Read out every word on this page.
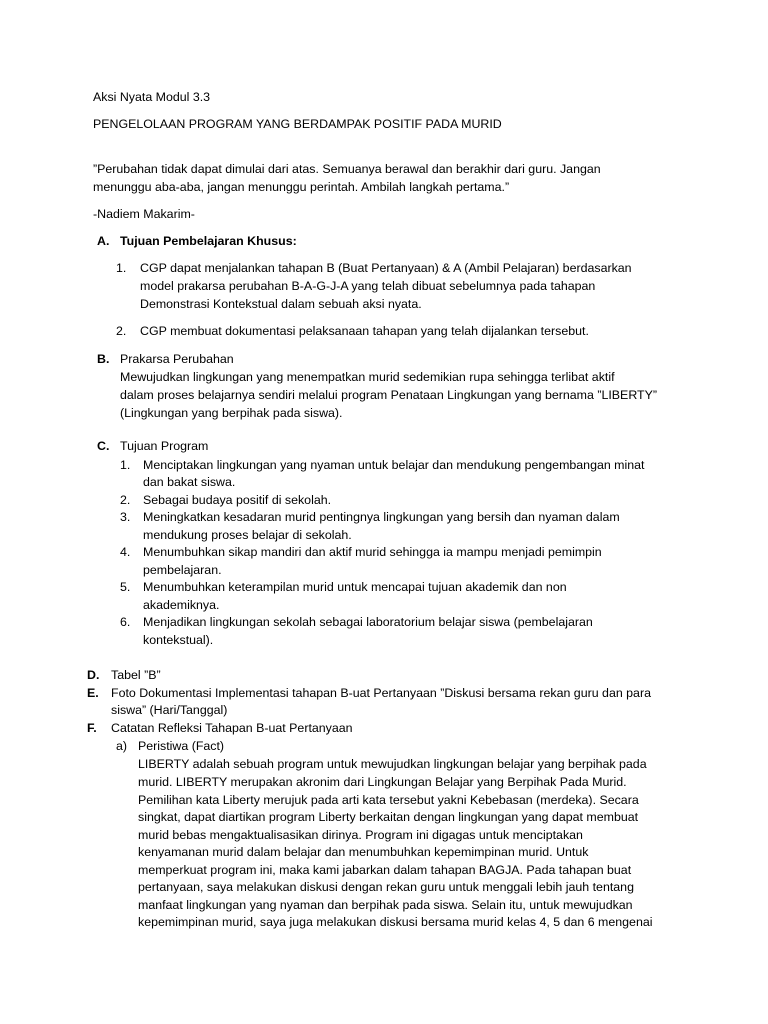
Aksi Nyata Modul 3.3
PENGELOLAAN PROGRAM YANG BERDAMPAK POSITIF PADA MURID
”Perubahan tidak dapat dimulai dari atas. Semuanya berawal dan berakhir dari guru. Jangan
menunggu aba-aba, jangan menunggu perintah. Ambilah langkah pertama.”
-Nadiem Makarim-
A. Tujuan Pembelajaran Khusus:
1. CGP dapat menjalankan tahapan B (Buat Pertanyaan) & A (Ambil Pelajaran) berdasarkan
model prakarsa perubahan B-A-G-J-A yang telah dibuat sebelumnya pada tahapan
Demonstrasi Kontekstual dalam sebuah aksi nyata.
2. CGP membuat dokumentasi pelaksanaan tahapan yang telah dijalankan tersebut.
B. Prakarsa Perubahan
Mewujudkan lingkungan yang menempatkan murid sedemikian rupa sehingga terlibat aktif
dalam proses belajarnya sendiri melalui program Penataan Lingkungan yang bernama ”LIBERTY”
(Lingkungan yang berpihak pada siswa).
C. Tujuan Program
1. Menciptakan lingkungan yang nyaman untuk belajar dan mendukung pengembangan minat
dan bakat siswa.
2. Sebagai budaya positif di sekolah.
3. Meningkatkan kesadaran murid pentingnya lingkungan yang bersih dan nyaman dalam
mendukung proses belajar di sekolah.
4. Menumbuhkan sikap mandiri dan aktif murid sehingga ia mampu menjadi pemimpin
pembelajaran.
5. Menumbuhkan keterampilan murid untuk mencapai tujuan akademik dan non
akademiknya.
6. Menjadikan lingkungan sekolah sebagai laboratorium belajar siswa (pembelajaran
kontekstual).
D. Tabel ”B”
E. Foto Dokumentasi Implementasi tahapan B-uat Pertanyaan ”Diskusi bersama rekan guru dan para
siswa” (Hari/Tanggal)
F. Catatan Refleksi Tahapan B-uat Pertanyaan
a) Peristiwa (Fact)
LIBERTY adalah sebuah program untuk mewujudkan lingkungan belajar yang berpihak pada
murid. LIBERTY merupakan akronim dari Lingkungan Belajar yang Berpihak Pada Murid.
Pemilihan kata Liberty merujuk pada arti kata tersebut yakni Kebebasan (merdeka). Secara
singkat, dapat diartikan program Liberty berkaitan dengan lingkungan yang dapat membuat
murid bebas mengaktualisasikan dirinya. Program ini digagas untuk menciptakan
kenyamanan murid dalam belajar dan menumbuhkan kepemimpinan murid. Untuk
memperkuat program ini, maka kami jabarkan dalam tahapan BAGJA. Pada tahapan buat
pertanyaan, saya melakukan diskusi dengan rekan guru untuk menggali lebih jauh tentang
manfaat lingkungan yang nyaman dan berpihak pada siswa. Selain itu, untuk mewujudkan
kepemimpinan murid, saya juga melakukan diskusi bersama murid kelas 4, 5 dan 6 mengenai
